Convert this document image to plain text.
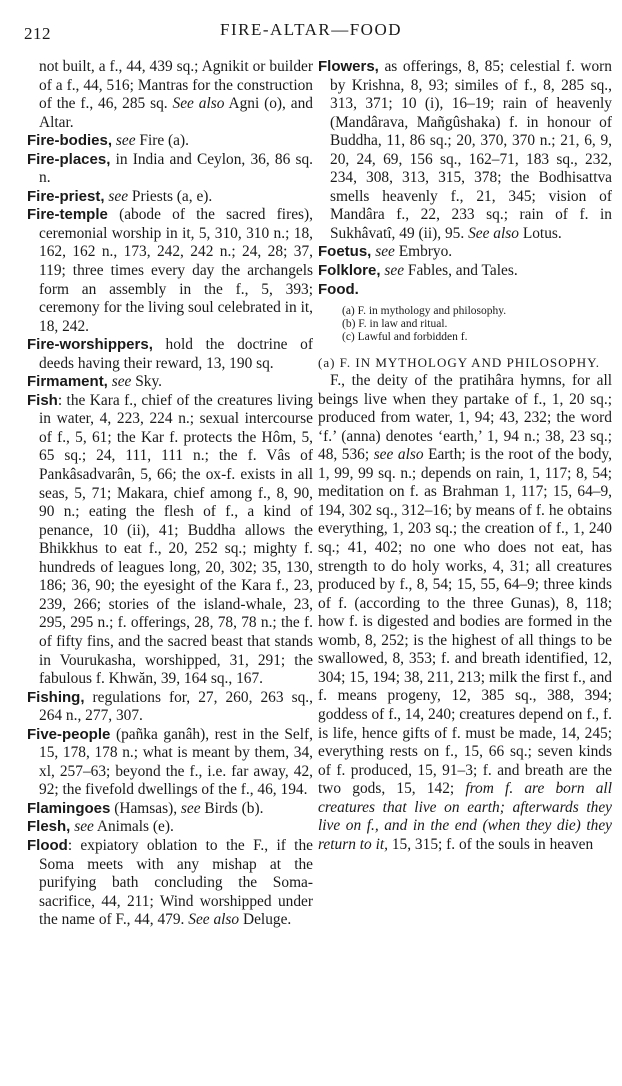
212	FIRE-ALTAR—FOOD

not built, a f., 44, 439 sq.; Agnikit or builder of a f., 44, 516; Mantras for the construction of the f., 46, 285 sq. See also Agni (o), and Altar.

Fire-bodies, see Fire (a).

Fire-places, in India and Ceylon, 36, 86 sq. n.

Fire-priest, see Priests (a, e).

Fire-temple (abode of the sacred fires), ceremonial worship in it, 5, 310, 310 n.; 18, 162, 162 n., 173, 242, 242 n.; 24, 28; 37, 119; three times every day the archangels form an assembly in the f., 5, 393; ceremony for the living soul celebrated in it, 18, 242.

Fire-worshippers, hold the doctrine of deeds having their reward, 13, 190 sq.

Firmament, see Sky.

Fish: the Kara f., chief of the creatures living in water, 4, 223, 224 n.; sexual intercourse of f., 5, 61; the Kar f. protects the Hôm, 5, 65 sq.; 24, 111, 111 n.; the f. Vâs of Pankâsadvarân, 5, 66; the ox-f. exists in all seas, 5, 71; Makara, chief among f., 8, 90, 90 n.; eating the flesh of f., a kind of penance, 10 (ii), 41; Buddha allows the Bhikkhus to eat f., 20, 252 sq.; mighty f. hundreds of leagues long, 20, 302; 35, 130, 186; 36, 90; the eyesight of the Kara f., 23, 239, 266; stories of the island-whale, 23, 295, 295 n.; f. offerings, 28, 78, 78 n.; the f. of fifty fins, and the sacred beast that stands in Vourukasha, worshipped, 31, 291; the fabulous f. Khwăn, 39, 164 sq., 167.

Fishing, regulations for, 27, 260, 263 sq., 264 n., 277, 307.

Five-people (pañka ganâh), rest in the Self, 15, 178, 178 n.; what is meant by them, 34, xl, 257–63; beyond the f., i.e. far away, 42, 92; the fivefold dwellings of the f., 46, 194.

Flamingoes (Hamsas), see Birds (b).

Flesh, see Animals (e).

Flood: expiatory oblation to the F., if the Soma meets with any mishap at the purifying bath concluding the Soma-sacrifice, 44, 211; Wind worshipped under the name of F., 44, 479. See also Deluge.

Flowers, as offerings, 8, 85; celestial f. worn by Krishna, 8, 93; similes of f., 8, 285 sq., 313, 371; 10 (i), 16–19; rain of heavenly (Mandârava, Mañgûshaka) f. in honour of Buddha, 11, 86 sq.; 20, 370, 370 n.; 21, 6, 9, 20, 24, 69, 156 sq., 162–71, 183 sq., 232, 234, 308, 313, 315, 378; the Bodhisattva smells heavenly f., 21, 345; vision of Mandâra f., 22, 233 sq.; rain of f. in Sukhâvatî, 49 (ii), 95. See also Lotus.

Foetus, see Embryo.

Folklore, see Fables, and Tales.

Food.

(a) F. in mythology and philosophy.
(b) F. in law and ritual.
(c) Lawful and forbidden f.

(a) F. IN MYTHOLOGY AND PHILOSOPHY.

F., the deity of the pratihâra hymns, for all beings live when they partake of f., 1, 20 sq.; produced from water, 1, 94; 43, 232; the word ‘f.’ (anna) denotes ‘earth,’ 1, 94 n.; 38, 23 sq.; 48, 536; see also Earth; is the root of the body, 1, 99, 99 sq. n.; depends on rain, 1, 117; 8, 54; meditation on f. as Brahman 1, 117; 15, 64–9, 194, 302 sq., 312–16; by means of f. he obtains everything, 1, 203 sq.; the creation of f., 1, 240 sq.; 41, 402; no one who does not eat, has strength to do holy works, 4, 31; all creatures produced by f., 8, 54; 15, 55, 64–9; three kinds of f. (according to the three Gunas), 8, 118; how f. is digested and bodies are formed in the womb, 8, 252; is the highest of all things to be swallowed, 8, 353; f. and breath identified, 12, 304; 15, 194; 38, 211, 213; milk the first f., and f. means progeny, 12, 385 sq., 388, 394; goddess of f., 14, 240; creatures depend on f., f. is life, hence gifts of f. must be made, 14, 245; everything rests on f., 15, 66 sq.; seven kinds of f. produced, 15, 91–3; f. and breath are the two gods, 15, 142; from f. are born all creatures that live on earth; afterwards they live on f., and in the end (when they die) they return to it, 15, 315; f. of the souls in heaven
